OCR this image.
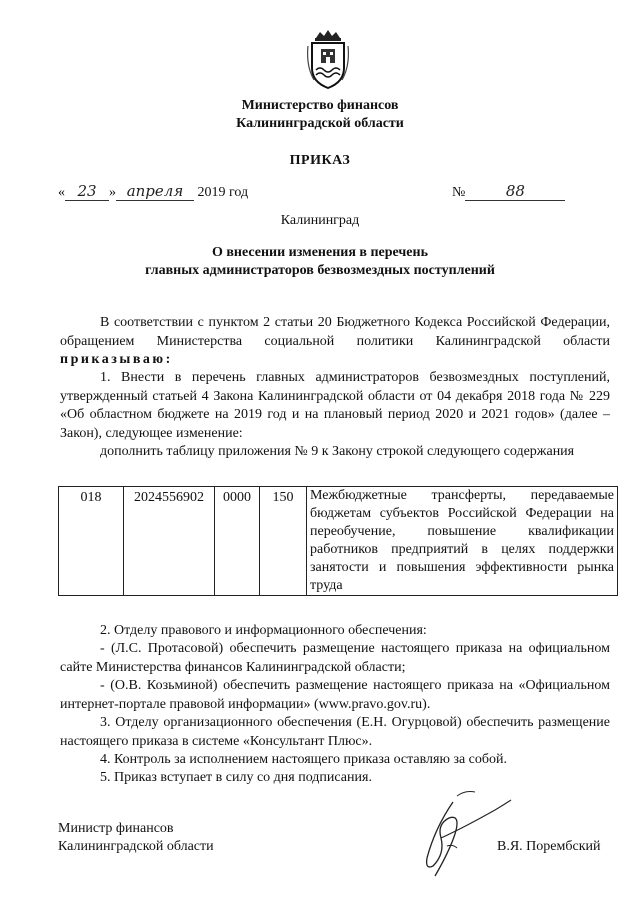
Министерство финансов
Калининградской области
ПРИКАЗ
« 23 » апреля 2019 год	№	88
Калининград
О внесении изменения в перечень
главных администраторов безвозмездных поступлений
В соответствии с пунктом 2 статьи 20 Бюджетного Кодекса Российской Федерации, обращением Министерства социальной политики Калининградской области приказываю:
1. Внести в перечень главных администраторов безвозмездных поступлений, утвержденный статьей 4 Закона Калининградской области от 04 декабря 2018 года № 229 «Об областном бюджете на 2019 год и на плановый период 2020 и 2021 годов» (далее – Закон), следующее изменение:
дополнить таблицу приложения № 9 к Закону строкой следующего содержания
018	2024556902	0000	150	Межбюджетные трансферты, передаваемые бюджетам субъектов Российской Федерации на переобучение, повышение квалификации работников предприятий в целях поддержки занятости и повышения эффективности рынка труда
2. Отделу правового и информационного обеспечения:
- (Л.С. Протасовой) обеспечить размещение настоящего приказа на официальном сайте Министерства финансов Калининградской области;
- (О.В. Козьминой) обеспечить размещение настоящего приказа на «Официальном интернет-портале правовой информации» (www.pravo.gov.ru).
3. Отделу организационного обеспечения (Е.Н. Огурцовой) обеспечить размещение настоящего приказа в системе «Консультант Плюс».
4. Контроль за исполнением настоящего приказа оставляю за собой.
5. Приказ вступает в силу со дня подписания.
Министр финансов
Калининградской области	В.Я. Порембский
